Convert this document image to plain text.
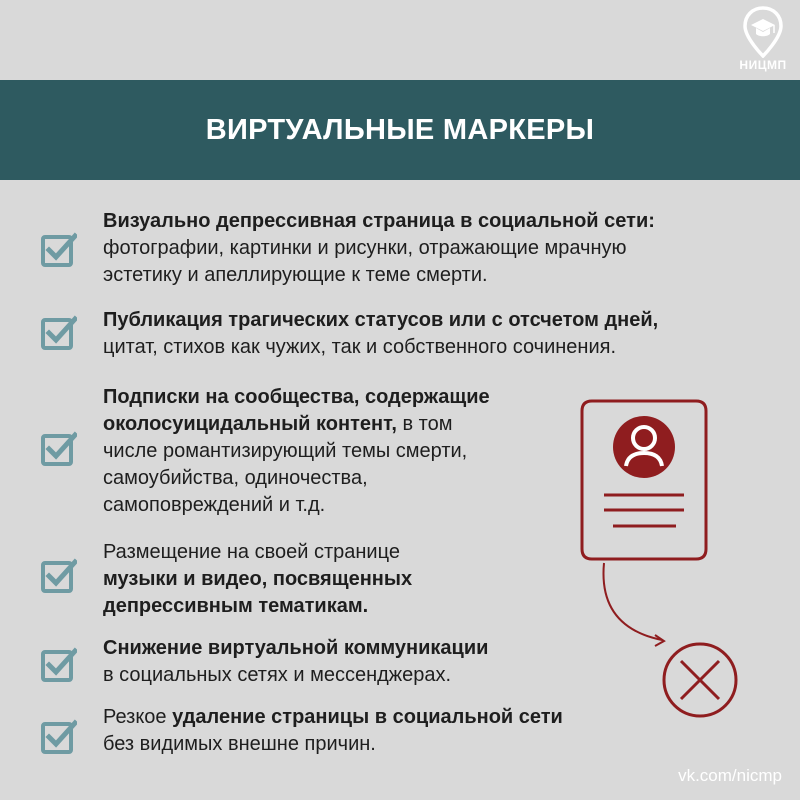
НИЦМП
ВИРТУАЛЬНЫЕ МАРКЕРЫ
Визуально депрессивная страница в социальной сети:
фотографии, картинки и рисунки, отражающие мрачную
эстетику и апеллирующие к теме смерти.
Публикация трагических статусов или с отсчетом дней,
цитат, стихов как чужих, так и собственного сочинения.
Подписки на сообщества, содержащие
околосуицидальный контент, в том
числе романтизирующий темы смерти,
самоубийства, одиночества,
самоповреждений и т.д.
Размещение на своей странице
музыки и видео, посвященных
депрессивным тематикам.
Снижение виртуальной коммуникации
в социальных сетях и мессенджерах.
Резкое удаление страницы в социальной сети
без видимых внешне причин.
vk.com/nicmp
